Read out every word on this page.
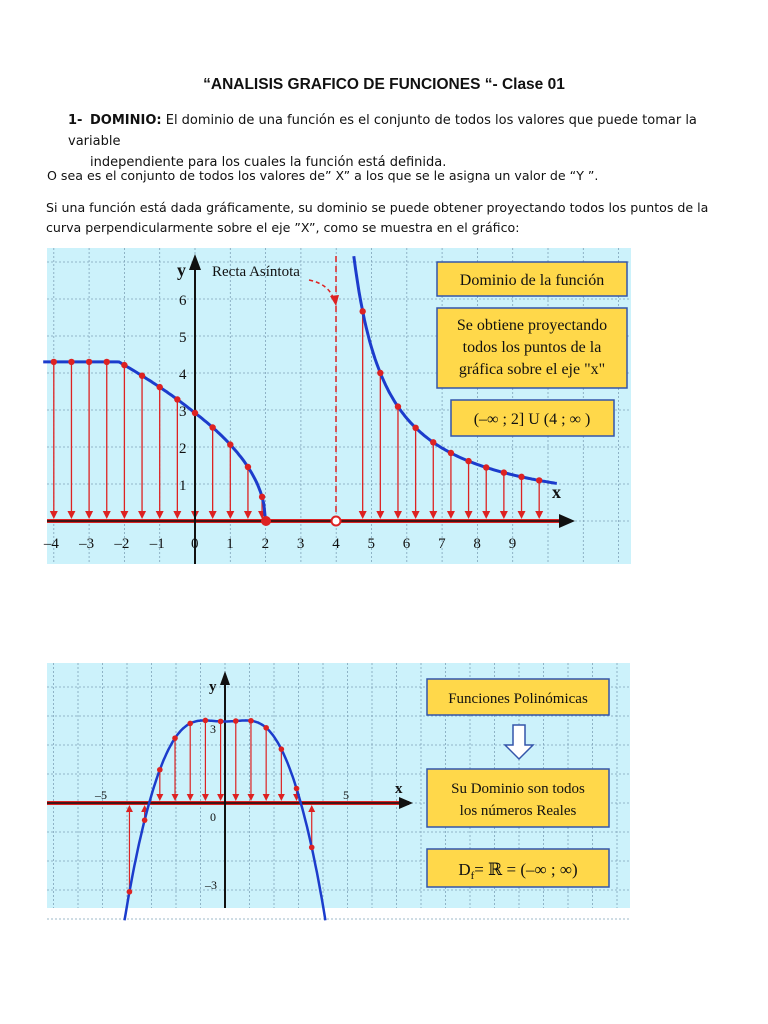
“ANALISIS GRAFICO DE FUNCIONES “- Clase 01
1- DOMINIO: El dominio de una función es el conjunto de todos los valores que puede tomar la variable
independiente para los cuales la función está definida.
O sea es el conjunto de todos los valores de” X” a los que se le asigna un valor de “Y ”.
Si una función está dada gráficamente, su dominio se puede obtener proyectando todos los puntos de la curva perpendicularmente sobre el eje ”X”, como se muestra en el gráfico:
–4 –3 –2 –1 0 1 2 3 4 5 6 7 8 9
1
2
3
4
5
6
y
x
Recta Asíntota	Dominio de la función
Se obtiene proyectando
todos los puntos de la
gráfica sobre el eje "x"
(–∞ ; 2] U (4 ; ∞ )
y
x
–5	5
3
0
–3
Funciones Polinómicas
Su Dominio son todos
los números Reales
$D_f=$ ℝ = (–∞ ; ∞)
